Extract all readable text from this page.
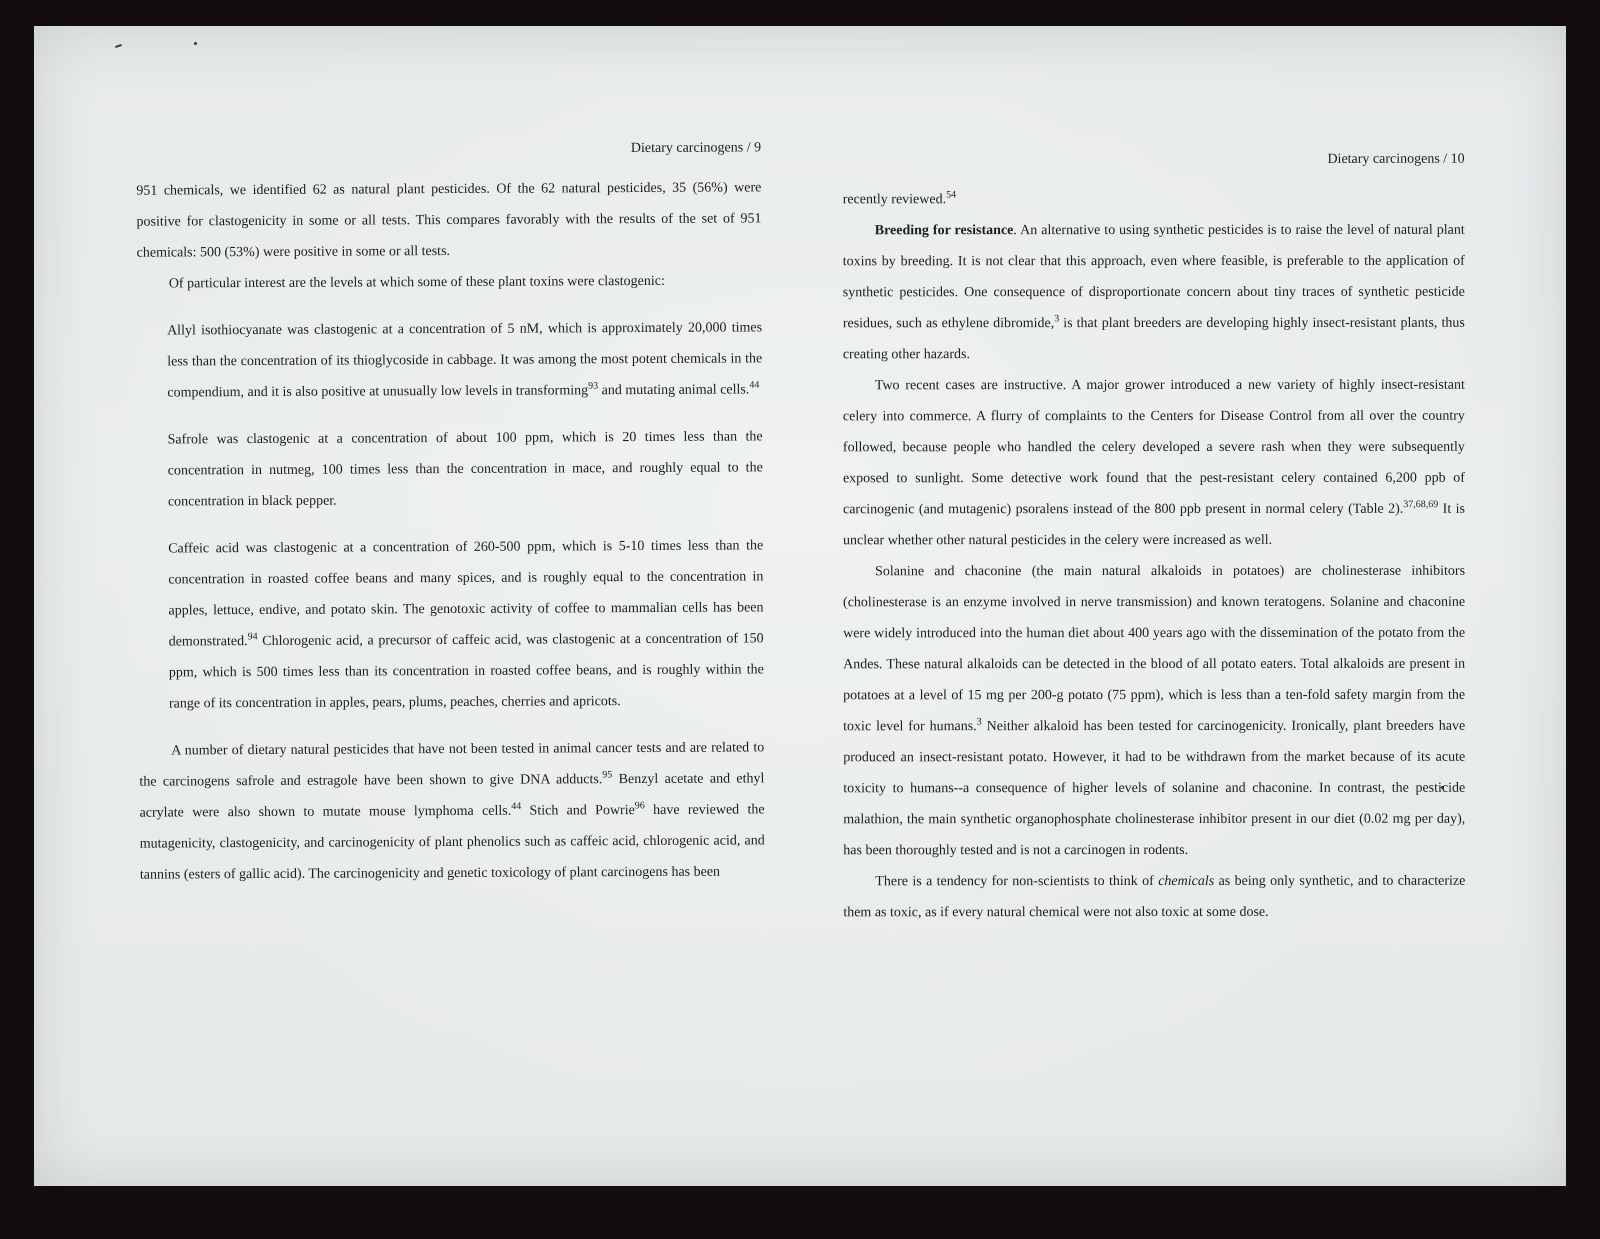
Dietary carcinogens / 9

951 chemicals, we identified 62 as natural plant pesticides. Of the 62 natural pesticides, 35 (56%) were positive for clastogenicity in some or all tests. This compares favorably with the results of the set of 951 chemicals: 500 (53%) were positive in some or all tests.

Of particular interest are the levels at which some of these plant toxins were clastogenic:

Allyl isothiocyanate was clastogenic at a concentration of 5 nM, which is approximately 20,000 times less than the concentration of its thioglycoside in cabbage. It was among the most potent chemicals in the compendium, and it is also positive at unusually low levels in transforming$^{93}$ and mutating animal cells.$^{44}$

Safrole was clastogenic at a concentration of about 100 ppm, which is 20 times less than the concentration in nutmeg, 100 times less than the concentration in mace, and roughly equal to the concentration in black pepper.

Caffeic acid was clastogenic at a concentration of 260-500 ppm, which is 5-10 times less than the concentration in roasted coffee beans and many spices, and is roughly equal to the concentration in apples, lettuce, endive, and potato skin. The genotoxic activity of coffee to mammalian cells has been demonstrated.$^{94}$ Chlorogenic acid, a precursor of caffeic acid, was clastogenic at a concentration of 150 ppm, which is 500 times less than its concentration in roasted coffee beans, and is roughly within the range of its concentration in apples, pears, plums, peaches, cherries and apricots.

A number of dietary natural pesticides that have not been tested in animal cancer tests and are related to the carcinogens safrole and estragole have been shown to give DNA adducts.$^{95}$ Benzyl acetate and ethyl acrylate were also shown to mutate mouse lymphoma cells.$^{44}$ Stich and Powrie$^{96}$ have reviewed the mutagenicity, clastogenicity, and carcinogenicity of plant phenolics such as caffeic acid, chlorogenic acid, and tannins (esters of gallic acid). The carcinogenicity and genetic toxicology of plant carcinogens has been

Dietary carcinogens / 10

recently reviewed.$^{54}$

Breeding for resistance. An alternative to using synthetic pesticides is to raise the level of natural plant toxins by breeding. It is not clear that this approach, even where feasible, is preferable to the application of synthetic pesticides. One consequence of disproportionate concern about tiny traces of synthetic pesticide residues, such as ethylene dibromide,$^3$ is that plant breeders are developing highly insect-resistant plants, thus creating other hazards.

Two recent cases are instructive. A major grower introduced a new variety of highly insect-resistant celery into commerce. A flurry of complaints to the Centers for Disease Control from all over the country followed, because people who handled the celery developed a severe rash when they were subsequently exposed to sunlight. Some detective work found that the pest-resistant celery contained 6,200 ppb of carcinogenic (and mutagenic) psoralens instead of the 800 ppb present in normal celery (Table 2).$^{37,68,69}$ It is unclear whether other natural pesticides in the celery were increased as well.

Solanine and chaconine (the main natural alkaloids in potatoes) are cholinesterase inhibitors (cholinesterase is an enzyme involved in nerve transmission) and known teratogens. Solanine and chaconine were widely introduced into the human diet about 400 years ago with the dissemination of the potato from the Andes. These natural alkaloids can be detected in the blood of all potato eaters. Total alkaloids are present in potatoes at a level of 15 mg per 200-g potato (75 ppm), which is less than a ten-fold safety margin from the toxic level for humans.$^3$ Neither alkaloid has been tested for carcinogenicity. Ironically, plant breeders have produced an insect-resistant potato. However, it had to be withdrawn from the market because of its acute toxicity to humans--a consequence of higher levels of solanine and chaconine. In contrast, the pesticide malathion, the main synthetic organophosphate cholinesterase inhibitor present in our diet (0.02 mg per day), has been thoroughly tested and is not a carcinogen in rodents.

There is a tendency for non-scientists to think of chemicals as being only synthetic, and to characterize them as toxic, as if every natural chemical were not also toxic at some dose.
